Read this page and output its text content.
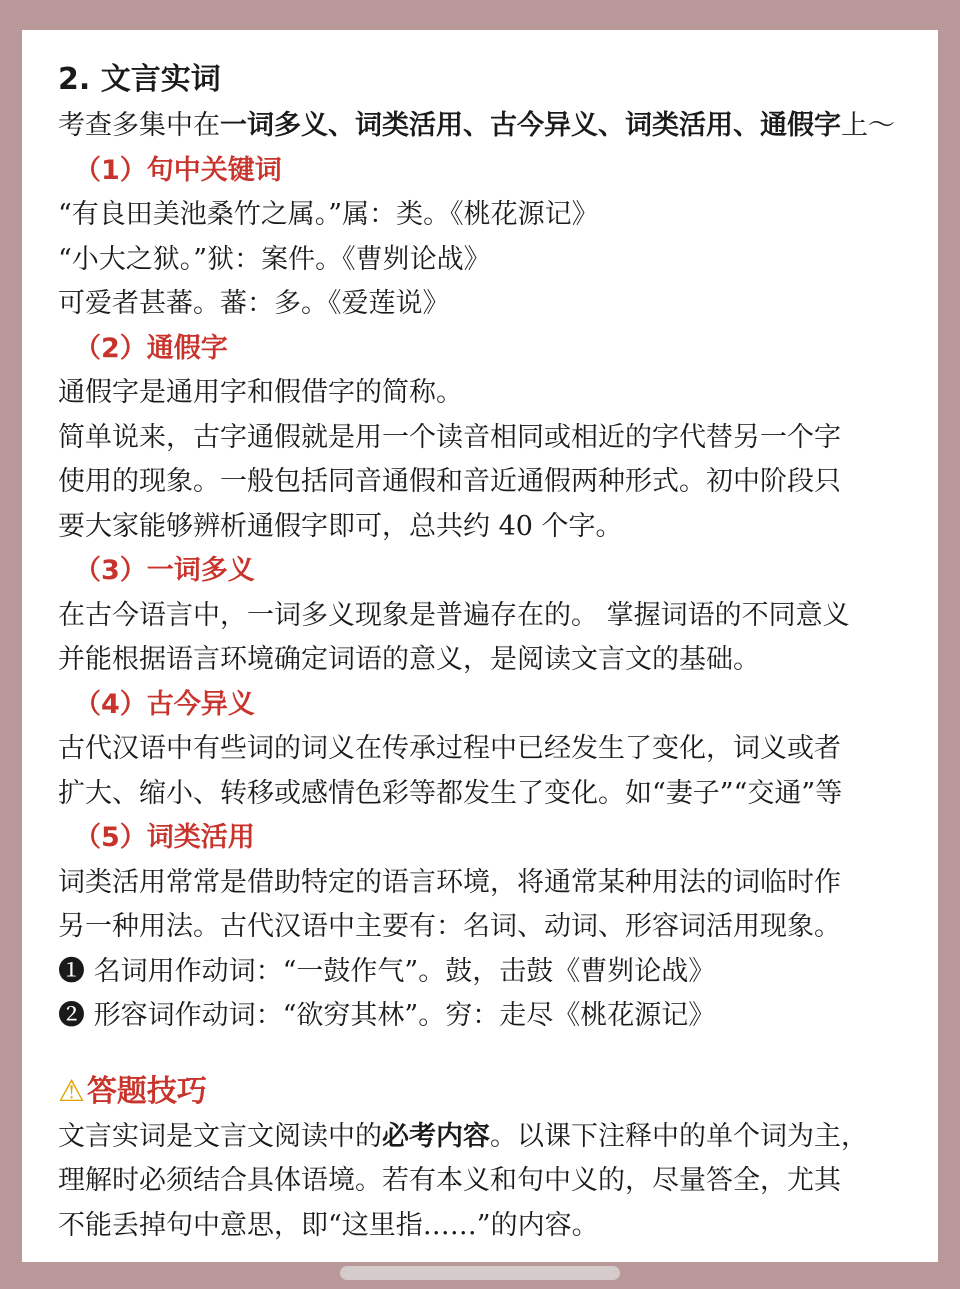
2. 文言实词
考查多集中在一词多义、词类活用、古今异义、词类活用、通假字上～
（1）句中关键词
“有良田美池桑竹之属。”属：类。《桃花源记》
“小大之狱。”狱：案件。《曹刿论战》
可爱者甚蕃。蕃：多。《爱莲说》
（2）通假字
通假字是通用字和假借字的简称。
简单说来，古字通假就是用一个读音相同或相近的字代替另一个字
使用的现象。一般包括同音通假和音近通假两种形式。初中阶段只
要大家能够辨析通假字即可，总共约 40 个字。
（3）一词多义
在古今语言中，一词多义现象是普遍存在的。 掌握词语的不同意义
并能根据语言环境确定词语的意义，是阅读文言文的基础。
（4）古今异义
古代汉语中有些词的词义在传承过程中已经发生了变化，词义或者
扩大、缩小、转移或感情色彩等都发生了变化。如“妻子”“交通”等
（5）词类活用
词类活用常常是借助特定的语言环境，将通常某种用法的词临时作
另一种用法。古代汉语中主要有：名词、动词、形容词活用现象。
❶ 名词用作动词：“一鼓作气”。鼓，击鼓《曹刿论战》
❷ 形容词作动词：“欲穷其林”。穷：走尽《桃花源记》
⚠答题技巧
文言实词是文言文阅读中的必考内容。以课下注释中的单个词为主，
理解时必须结合具体语境。若有本义和句中义的，尽量答全，尤其
不能丢掉句中意思，即“这里指……”的内容。
